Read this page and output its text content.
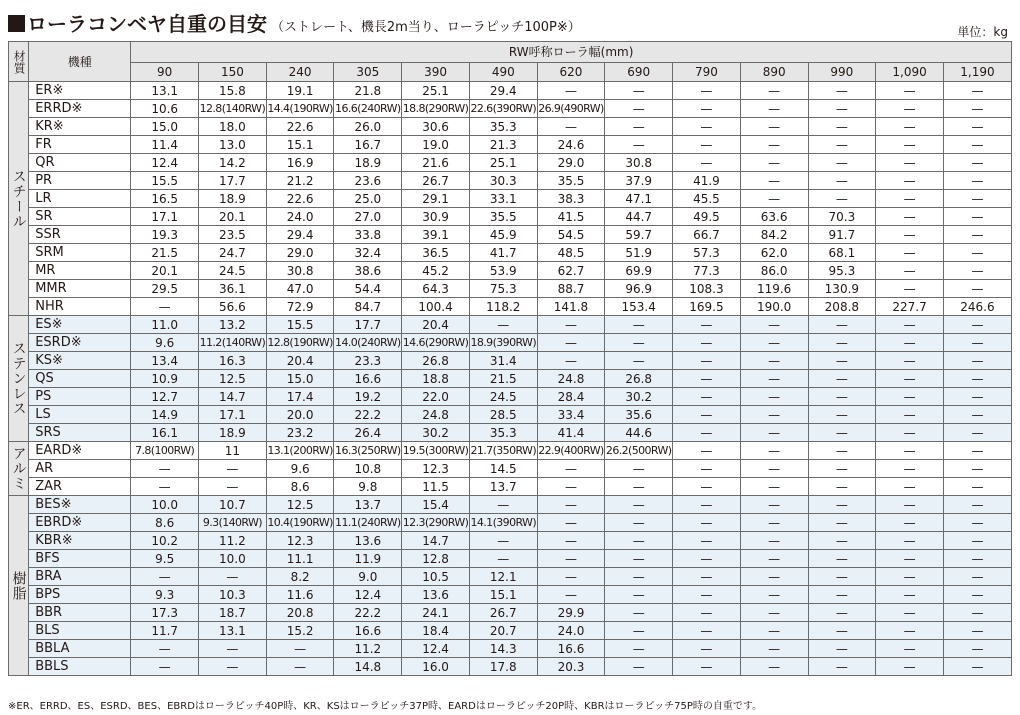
ローラコンベヤ自重の目安 （ストレート、機長2m当り、ローラピッチ100P※）	単位：kg
材質	機種	RW呼称ローラ幅(mm)												
		90	150	240	305	390	490	620	690	790	890	990	1,090	1,190
スチール	ER※	13.1	15.8	19.1	21.8	25.1	29.4	—	—	—	—	—	—	—
	ERRD※	10.6	12.8(140RW)	14.4(190RW)	16.6(240RW)	18.8(290RW)	22.6(390RW)	26.9(490RW)	—	—	—	—	—	—
	KR※	15.0	18.0	22.6	26.0	30.6	35.3	—	—	—	—	—	—	—
	FR	11.4	13.0	15.1	16.7	19.0	21.3	24.6	—	—	—	—	—	—
	QR	12.4	14.2	16.9	18.9	21.6	25.1	29.0	30.8	—	—	—	—	—
	PR	15.5	17.7	21.2	23.6	26.7	30.3	35.5	37.9	41.9	—	—	—	—
	LR	16.5	18.9	22.6	25.0	29.1	33.1	38.3	47.1	45.5	—	—	—	—
	SR	17.1	20.1	24.0	27.0	30.9	35.5	41.5	44.7	49.5	63.6	70.3	—	—
	SSR	19.3	23.5	29.4	33.8	39.1	45.9	54.5	59.7	66.7	84.2	91.7	—	—
	SRM	21.5	24.7	29.0	32.4	36.5	41.7	48.5	51.9	57.3	62.0	68.1	—	—
	MR	20.1	24.5	30.8	38.6	45.2	53.9	62.7	69.9	77.3	86.0	95.3	—	—
	MMR	29.5	36.1	47.0	54.4	64.3	75.3	88.7	96.9	108.3	119.6	130.9	—	—
	NHR	—	56.6	72.9	84.7	100.4	118.2	141.8	153.4	169.5	190.0	208.8	227.7	246.6
ステンレス	ES※	11.0	13.2	15.5	17.7	20.4	—	—	—	—	—	—	—	—
	ESRD※	9.6	11.2(140RW)	12.8(190RW)	14.0(240RW)	14.6(290RW)	18.9(390RW)	—	—	—	—	—	—	—
	KS※	13.4	16.3	20.4	23.3	26.8	31.4	—	—	—	—	—	—	—
	QS	10.9	12.5	15.0	16.6	18.8	21.5	24.8	26.8	—	—	—	—	—
	PS	12.7	14.7	17.4	19.2	22.0	24.5	28.4	30.2	—	—	—	—	—
	LS	14.9	17.1	20.0	22.2	24.8	28.5	33.4	35.6	—	—	—	—	—
	SRS	16.1	18.9	23.2	26.4	30.2	35.3	41.4	44.6	—	—	—	—	—
アルミ	EARD※	7.8(100RW)	11	13.1(200RW)	16.3(250RW)	19.5(300RW)	21.7(350RW)	22.9(400RW)	26.2(500RW)	—	—	—	—	—
	AR	—	—	9.6	10.8	12.3	14.5	—	—	—	—	—	—	—
	ZAR	—	—	8.6	9.8	11.5	13.7	—	—	—	—	—	—	—
樹脂	BES※	10.0	10.7	12.5	13.7	15.4	—	—	—	—	—	—	—	—
	EBRD※	8.6	9.3(140RW)	10.4(190RW)	11.1(240RW)	12.3(290RW)	14.1(390RW)	—	—	—	—	—	—	—
	KBR※	10.2	11.2	12.3	13.6	14.7	—	—	—	—	—	—	—	—
	BFS	9.5	10.0	11.1	11.9	12.8	—	—	—	—	—	—	—	—
	BRA	—	—	8.2	9.0	10.5	12.1	—	—	—	—	—	—	—
	BPS	9.3	10.3	11.6	12.4	13.6	15.1	—	—	—	—	—	—	—
	BBR	17.3	18.7	20.8	22.2	24.1	26.7	29.9	—	—	—	—	—	—
	BLS	11.7	13.1	15.2	16.6	18.4	20.7	24.0	—	—	—	—	—	—
	BBLA	—	—	—	11.2	12.4	14.3	16.6	—	—	—	—	—	—
	BBLS	—	—	—	14.8	16.0	17.8	20.3	—	—	—	—	—	—
※ER、ERRD、ES、ESRD、BES、EBRDはローラピッチ40P時、KR、KSはローラピッチ37P時、EARDはローラピッチ20P時、KBRはローラピッチ75P時の自重です。
